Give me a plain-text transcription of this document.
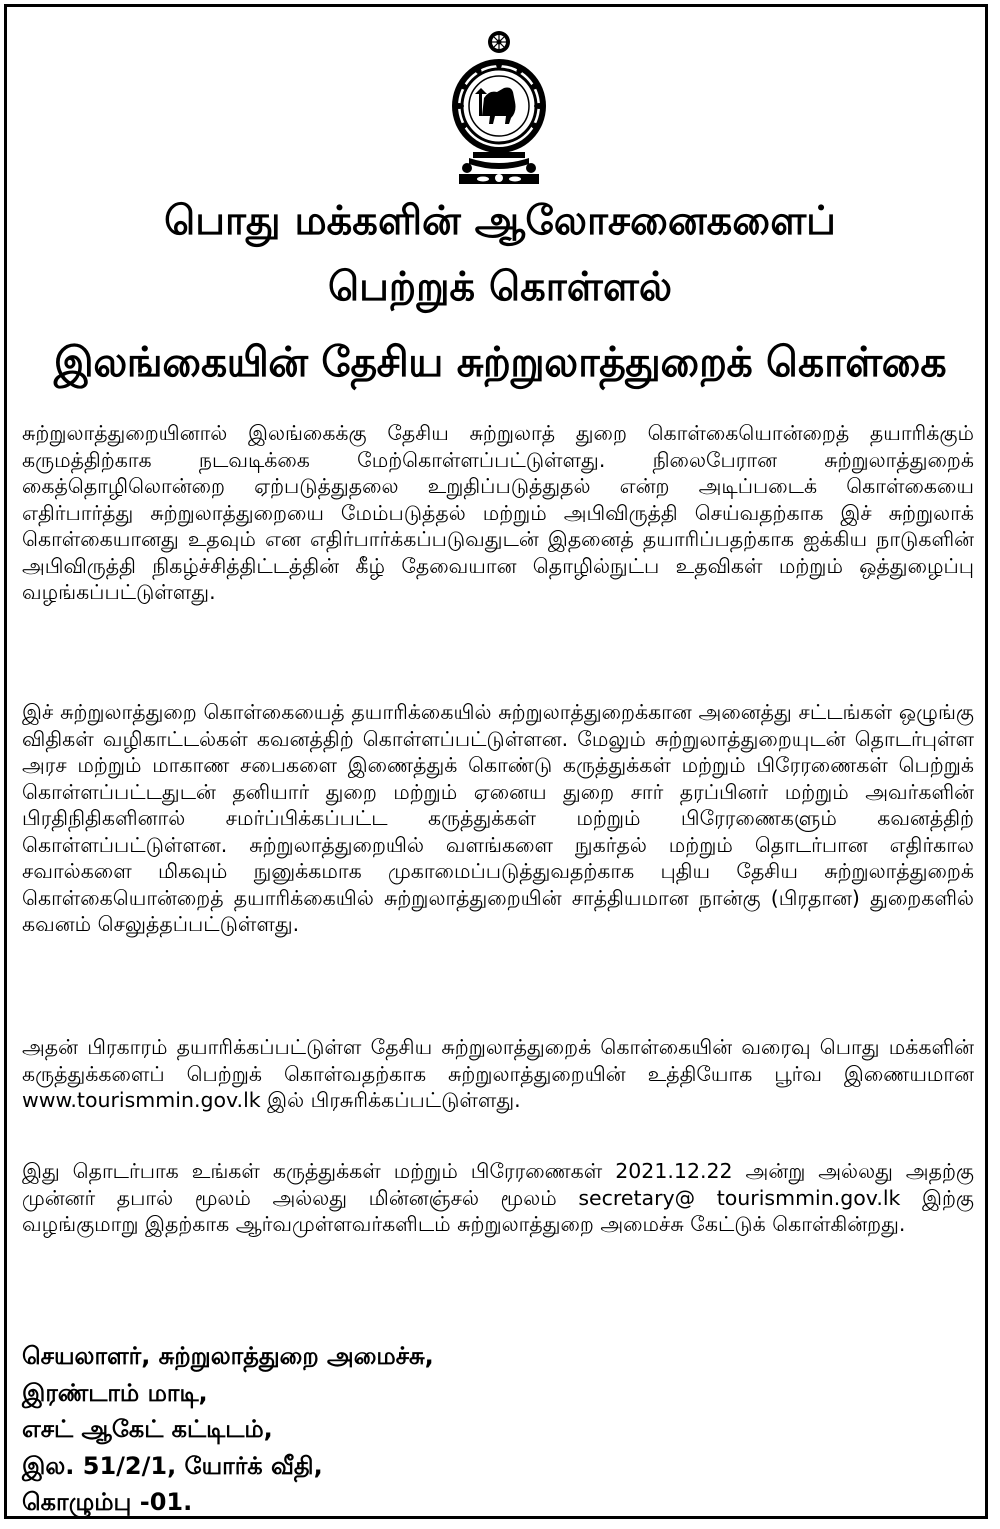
பொது மக்களின் ஆலோசனைகளைப்
பெற்றுக் கொள்ளல்
இலங்கையின் தேசிய சுற்றுலாத்துறைக் கொள்கை
சுற்றுலாத்துறையினால் இலங்கைக்கு தேசிய சுற்றுலாத் துறை கொள்கையொன்றைத் தயாரிக்கும் கருமத்திற்காக நடவடிக்கை மேற்கொள்ளப்பட்டுள்ளது. நிலைபேரான சுற்றுலாத்துறைக் கைத்தொழிலொன்றை ஏற்படுத்துதலை உறுதிப்படுத்துதல் என்ற அடிப்படைக் கொள்கையை எதிர்பார்த்து சுற்றுலாத்துறையை மேம்படுத்தல் மற்றும் அபிவிருத்தி செய்வதற்காக இச் சுற்றுலாக் கொள்கையானது உதவும் என எதிர்பார்க்கப்படுவதுடன் இதனைத் தயாரிப்பதற்காக ஐக்கிய நாடுகளின் அபிவிருத்தி நிகழ்ச்சித்திட்டத்தின் கீழ் தேவையான தொழில்நுட்ப உதவிகள் மற்றும் ஒத்துழைப்பு வழங்கப்பட்டுள்ளது.
இச் சுற்றுலாத்துறை கொள்கையைத் தயாரிக்கையில் சுற்றுலாத்துறைக்கான அனைத்து சட்டங்கள் ஒழுங்கு விதிகள் வழிகாட்டல்கள் கவனத்திற் கொள்ளப்பட்டுள்ளன. மேலும் சுற்றுலாத்துறையுடன் தொடர்புள்ள அரச மற்றும் மாகாண சபைகளை இணைத்துக் கொண்டு கருத்துக்கள் மற்றும் பிரேரணைகள் பெற்றுக் கொள்ளப்பட்டதுடன் தனியார் துறை மற்றும் ஏனைய துறை சார் தரப்பினர் மற்றும் அவர்களின் பிரதிநிதிகளினால் சமர்ப்பிக்கப்பட்ட கருத்துக்கள் மற்றும் பிரேரணைகளும் கவனத்திற் கொள்ளப்பட்டுள்ளன. சுற்றுலாத்துறையில் வளங்களை நுகர்தல் மற்றும் தொடர்பான எதிர்கால சவால்களை மிகவும் நுனுக்கமாக முகாமைப்படுத்துவதற்காக புதிய தேசிய சுற்றுலாத்துறைக் கொள்கையொன்றைத் தயாரிக்கையில் சுற்றுலாத்துறையின் சாத்தியமான நான்கு (பிரதான) துறைகளில் கவனம் செலுத்தப்பட்டுள்ளது.
அதன் பிரகாரம் தயாரிக்கப்பட்டுள்ள தேசிய சுற்றுலாத்துறைக் கொள்கையின் வரைவு பொது மக்களின் கருத்துக்களைப் பெற்றுக் கொள்வதற்காக சுற்றுலாத்துறையின் உத்தியோக பூர்வ இணையமான www.tourismmin.gov.lk இல் பிரசுரிக்கப்பட்டுள்ளது.
இது தொடர்பாக உங்கள் கருத்துக்கள் மற்றும் பிரேரணைகள் 2021.12.22 அன்று அல்லது அதற்கு முன்னர் தபால் மூலம் அல்லது மின்னஞ்சல் மூலம் secretary@ tourismmin.gov.lk இற்கு வழங்குமாறு இதற்காக ஆர்வமுள்ளவர்களிடம் சுற்றுலாத்துறை அமைச்சு கேட்டுக் கொள்கின்றது.
செயலாளர், சுற்றுலாத்துறை அமைச்சு,
இரண்டாம் மாடி,
எசட் ஆகேட் கட்டிடம்,
இல. 51/2/1, யோர்க் வீதி,
கொழும்பு -01.
